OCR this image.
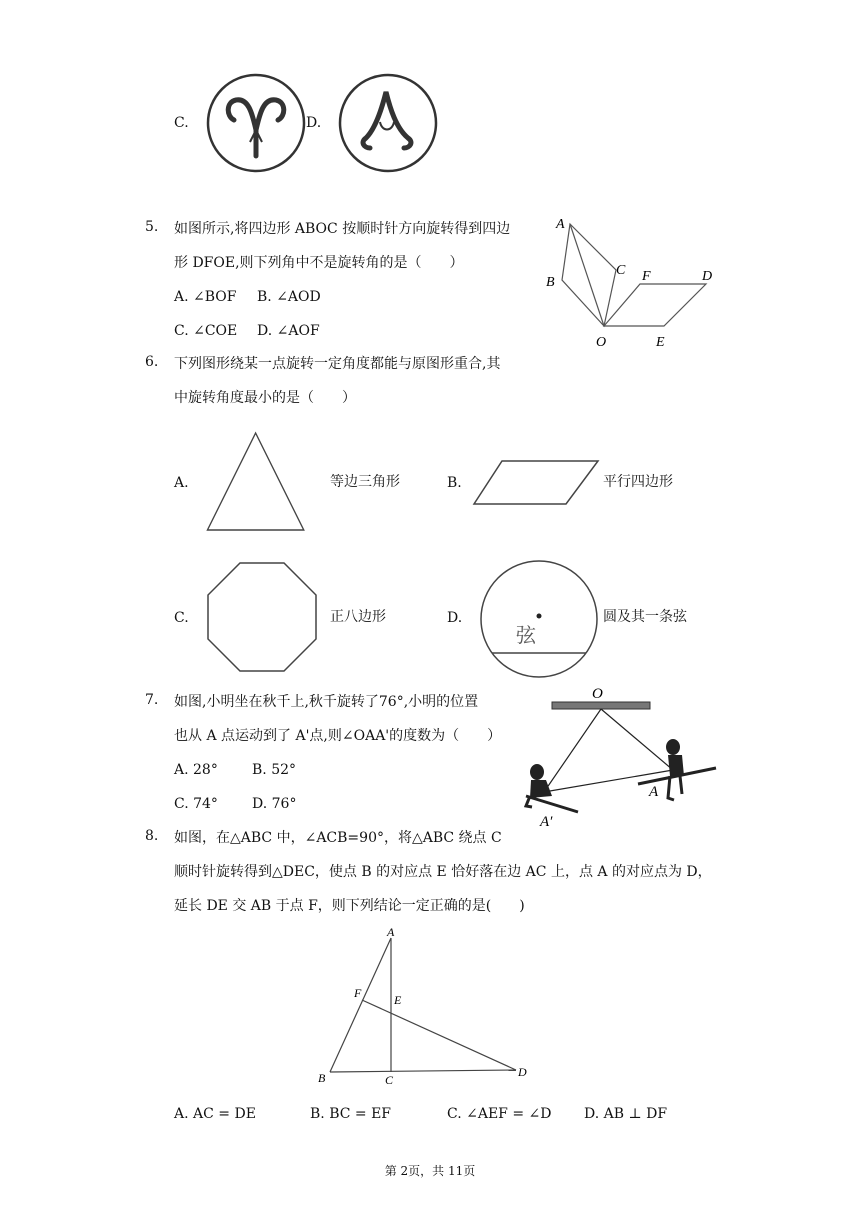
C.	D.
5. 如图所示,将四边形 ABOC 按顺时针方向旋转得到四边
形 DFOE,则下列角中不是旋转角的是（　　）
A. ∠BOF B. ∠AOD
C. ∠COE D. ∠AOF
A
B
C F	D
O	E
6. 下列图形绕某一点旋转一定角度都能与原图形重合,其
中旋转角度最小的是（　　）
A.	等边三角形	B.	平行四边形
C.	正八边形	D.
弦
圆及其一条弦
7. 如图,小明坐在秋千上,秋千旋转了76°,小明的位置
也从 A 点运动到了 A'点,则∠OAA'的度数为（　　）
A. 28° B. 52°
C. 74° D. 76°
O
A
A′
8. 如图，在△ABC 中，∠ACB=90°，将△ABC 绕点 C
顺时针旋转得到△DEC，使点 B 的对应点 E 恰好落在边 AC 上，点 A 的对应点为 D，
延长 DE 交 AB 于点 F，则下列结论一定正确的是(　　)
A
F	E
B	C
D
A. AC = DE	B. BC = EF	C. ∠AEF = ∠D D. AB ⊥ DF
第 2页，共 11页
